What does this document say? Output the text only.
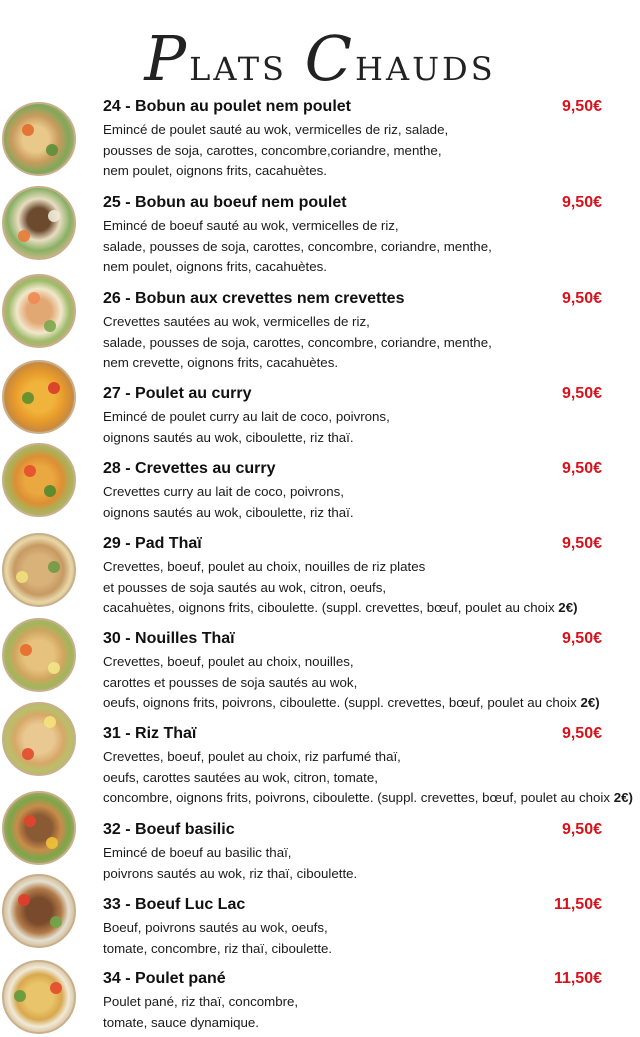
Plats Chauds
24 - Bobun au poulet nem poulet	9,50€
Emincé de poulet sauté au wok, vermicelles de riz, salade,
pousses de soja, carottes, concombre,coriandre, menthe,
nem poulet, oignons frits, cacahuètes.
25 - Bobun au boeuf nem poulet	9,50€
Emincé de boeuf sauté au wok, vermicelles de riz,
salade, pousses de soja, carottes, concombre, coriandre, menthe,
nem poulet, oignons frits, cacahuètes.
26 - Bobun aux crevettes nem crevettes	9,50€
Crevettes sautées au wok, vermicelles de riz,
salade, pousses de soja, carottes, concombre, coriandre, menthe,
nem crevette, oignons frits, cacahuètes.
27 - Poulet au curry	9,50€
Emincé de poulet curry au lait de coco, poivrons,
oignons sautés au wok, ciboulette, riz thaï.
28 - Crevettes au curry	9,50€
Crevettes curry au lait de coco, poivrons,
oignons sautés au wok, ciboulette, riz thaï.
29 - Pad Thaï	9,50€
Crevettes, boeuf, poulet au choix, nouilles de riz plates
et pousses de soja sautés au wok, citron, oeufs,
cacahuètes, oignons frits, ciboulette. (suppl. crevettes, bœuf, poulet au choix 2€)
30 - Nouilles Thaï	9,50€
Crevettes, boeuf, poulet au choix, nouilles,
carottes et pousses de soja sautés au wok,
oeufs, oignons frits, poivrons, ciboulette. (suppl. crevettes, bœuf, poulet au choix 2€)
31 - Riz Thaï	9,50€
Crevettes, boeuf, poulet au choix, riz parfumé thaï,
oeufs, carottes sautées au wok, citron, tomate,
concombre, oignons frits, poivrons, ciboulette. (suppl. crevettes, bœuf, poulet au choix 2€)
32 - Boeuf basilic	9,50€
Emincé de boeuf au basilic thaï,
poivrons sautés au wok, riz thaï, ciboulette.
33 - Boeuf Luc Lac	11,50€
Boeuf, poivrons sautés au wok, oeufs,
tomate, concombre, riz thaï, ciboulette.
34 - Poulet pané	11,50€
Poulet pané, riz thaï, concombre,
tomate, sauce dynamique.
